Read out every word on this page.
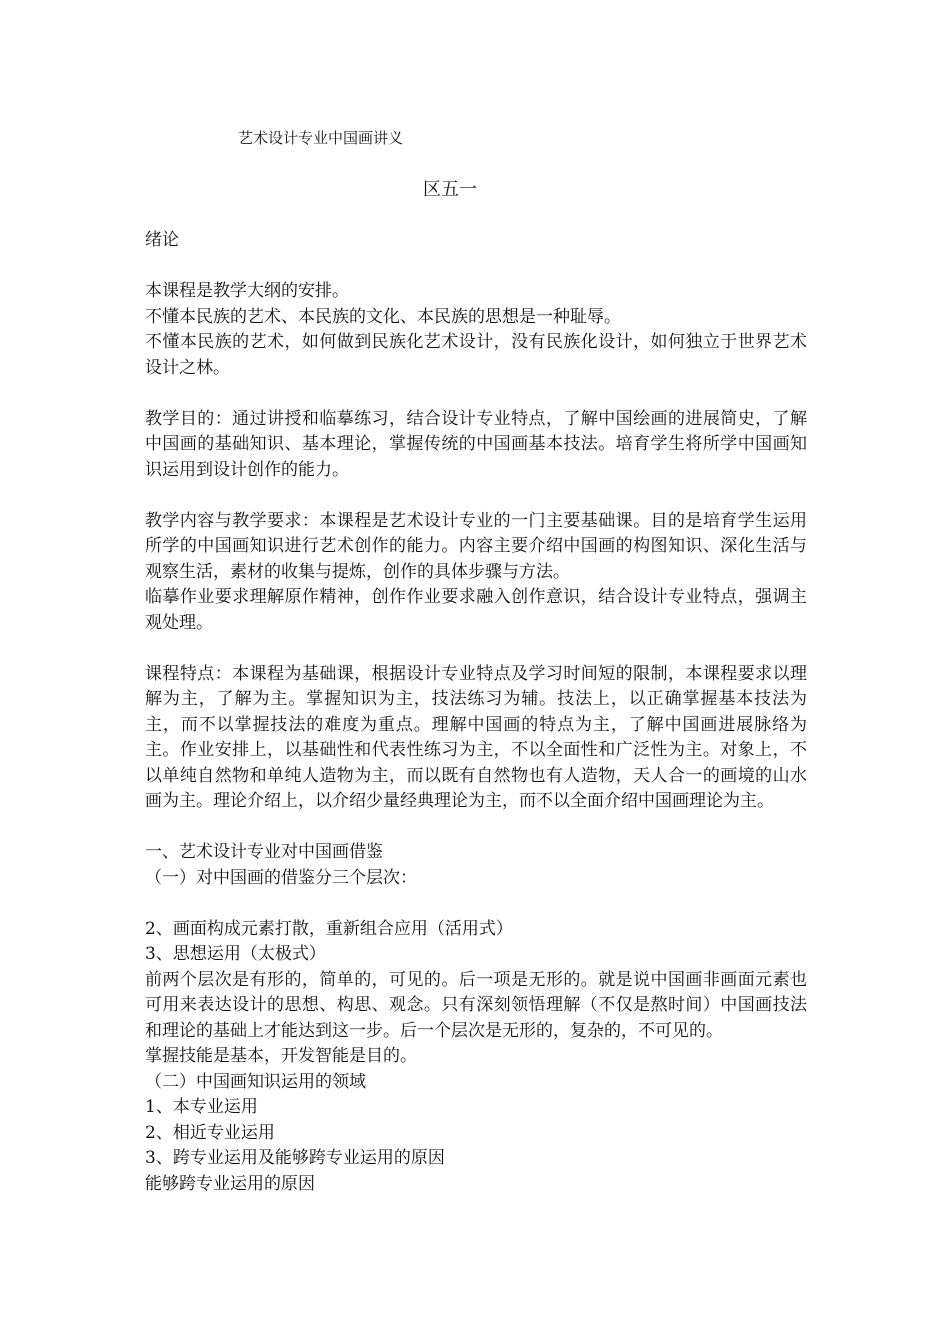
艺术设计专业中国画讲义
区五一

绪论

本课程是教学大纲的安排。

不懂本民族的艺术、本民族的文化、本民族的思想是一种耻辱。

不懂本民族的艺术，如何做到民族化艺术设计，没有民族化设计，如何独立于世界艺术设计之林。

教学目的：通过讲授和临摹练习，结合设计专业特点，了解中国绘画的进展简史，了解中国画的基础知识、基本理论，掌握传统的中国画基本技法。培育学生将所学中国画知识运用到设计创作的能力。

教学内容与教学要求：本课程是艺术设计专业的一门主要基础课。目的是培育学生运用所学的中国画知识进行艺术创作的能力。内容主要介绍中国画的构图知识、深化生活与观察生活，素材的收集与提炼，创作的具体步骤与方法。

临摹作业要求理解原作精神，创作作业要求融入创作意识，结合设计专业特点，强调主观处理。

课程特点：本课程为基础课，根据设计专业特点及学习时间短的限制，本课程要求以理解为主，了解为主。掌握知识为主，技法练习为辅。技法上，以正确掌握基本技法为主，而不以掌握技法的难度为重点。理解中国画的特点为主，了解中国画进展脉络为主。作业安排上，以基础性和代表性练习为主，不以全面性和广泛性为主。对象上，不以单纯自然物和单纯人造物为主，而以既有自然物也有人造物，天人合一的画境的山水画为主。理论介绍上，以介绍少量经典理论为主，而不以全面介绍中国画理论为主。

一、艺术设计专业对中国画借鉴

（一）对中国画的借鉴分三个层次：

2、画面构成元素打散，重新组合应用（活用式）

3、思想运用（太极式）

前两个层次是有形的，简单的，可见的。后一项是无形的。就是说中国画非画面元素也可用来表达设计的思想、构思、观念。只有深刻领悟理解（不仅是熬时间）中国画技法和理论的基础上才能达到这一步。后一个层次是无形的，复杂的，不可见的。

掌握技能是基本，开发智能是目的。

（二）中国画知识运用的领域

1、本专业运用

2、相近专业运用

3、跨专业运用及能够跨专业运用的原因

能够跨专业运用的原因
